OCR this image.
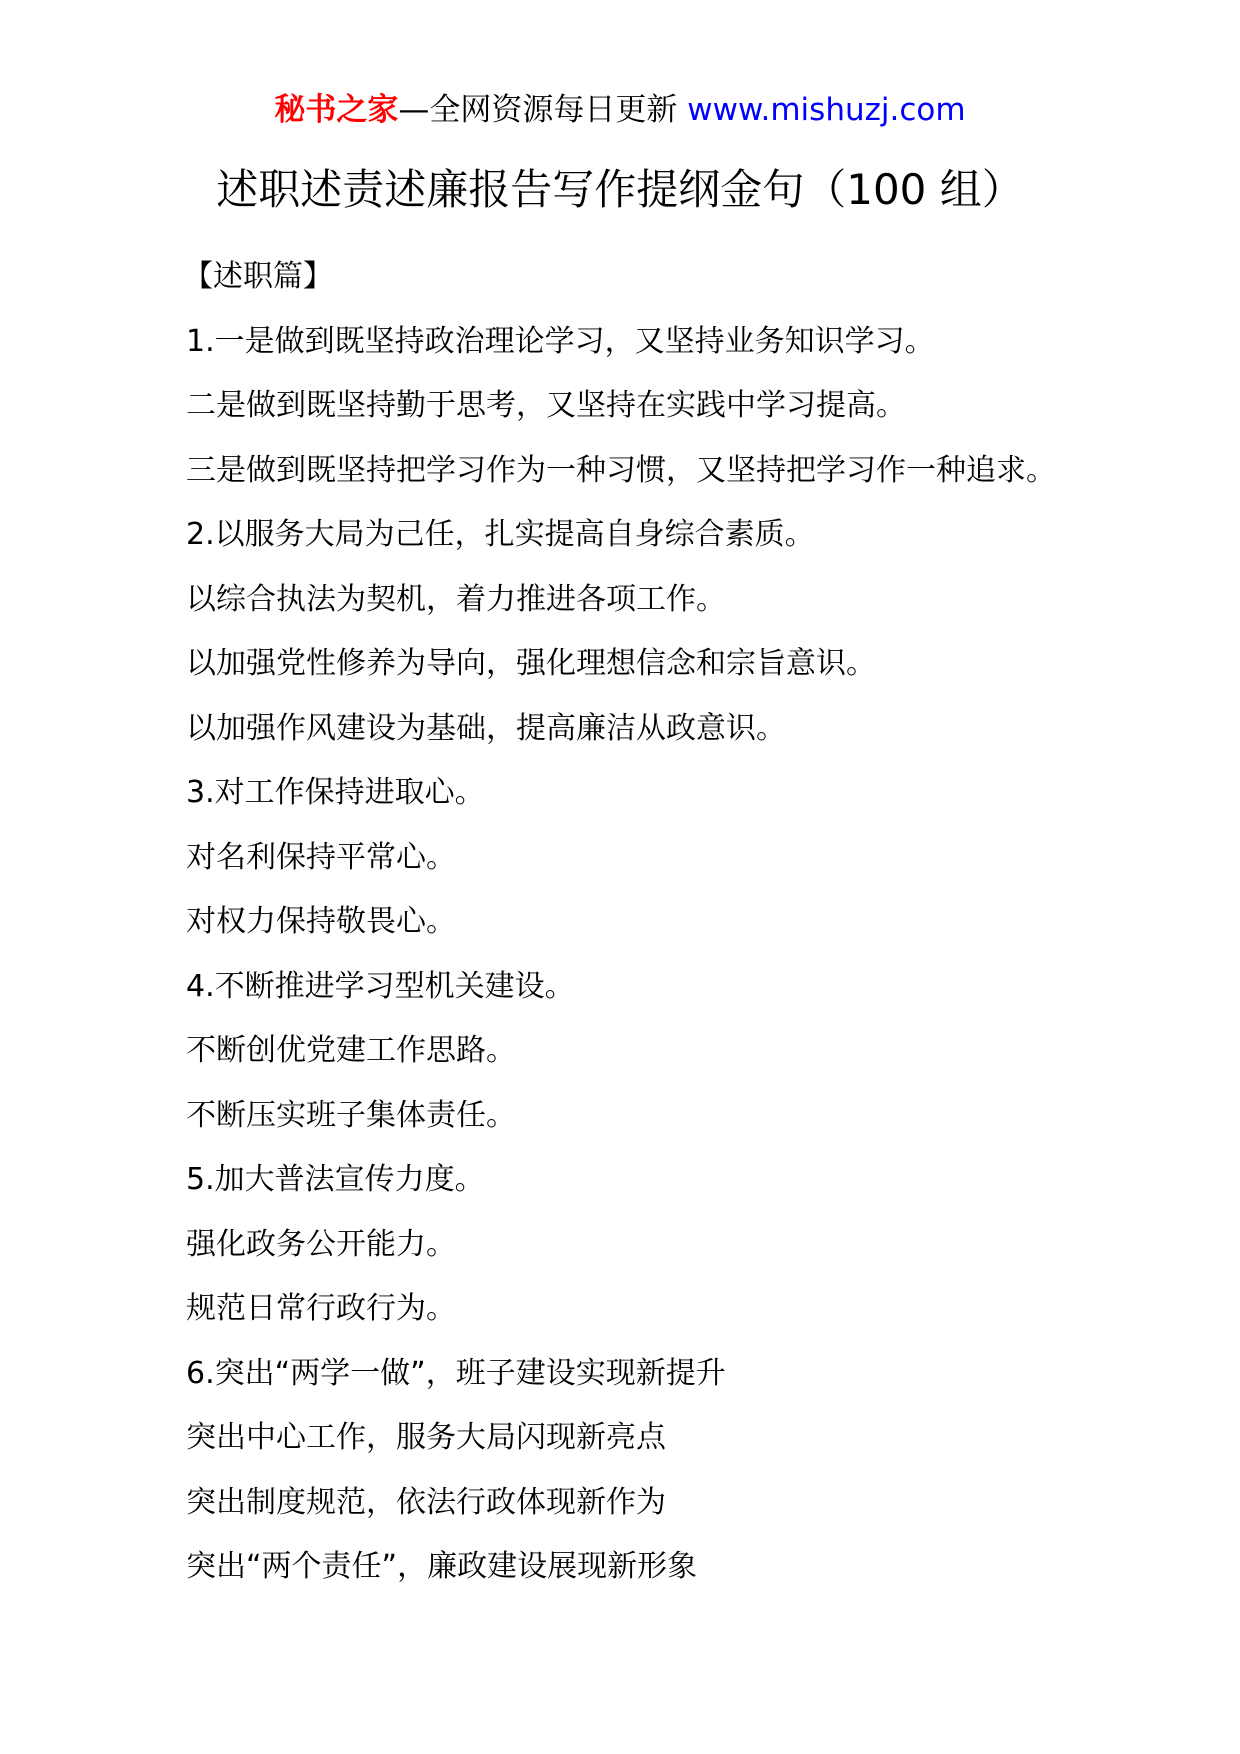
秘书之家—全网资源每日更新 www.mishuzj.com
述职述责述廉报告写作提纲金句（100 组）
【述职篇】
1.一是做到既坚持政治理论学习，又坚持业务知识学习。
二是做到既坚持勤于思考，又坚持在实践中学习提高。
三是做到既坚持把学习作为一种习惯，又坚持把学习作一种追求。
2.以服务大局为己任，扎实提高自身综合素质。
以综合执法为契机，着力推进各项工作。
以加强党性修养为导向，强化理想信念和宗旨意识。
以加强作风建设为基础，提高廉洁从政意识。
3.对工作保持进取心。
对名利保持平常心。
对权力保持敬畏心。
4.不断推进学习型机关建设。
不断创优党建工作思路。
不断压实班子集体责任。
5.加大普法宣传力度。
强化政务公开能力。
规范日常行政行为。
6.突出“两学一做”，班子建设实现新提升
突出中心工作，服务大局闪现新亮点
突出制度规范，依法行政体现新作为
突出“两个责任”，廉政建设展现新形象
